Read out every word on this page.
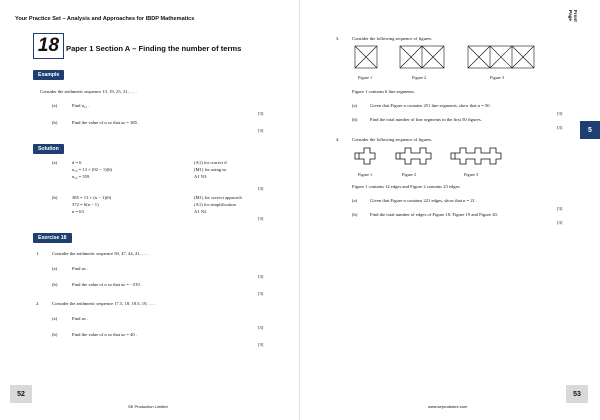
Your Practice Set – Analysis and Approaches for IBDP Mathematics
18 Paper 1 Section A – Finding the number of terms
Example
Consider the arithmetic sequence 13, 19, 25, 31, … .
(a)	Find u₁₂ .
[3]
(b)	Find the value of n so that uₙ = 385 .
[3]
Solution
(a)	d = 6
u₁₂ = 13 + (92 − 1)(6)
u₁₂ = 559
(A1) for correct d
(M1) for using uₙ
A1 N3
[3]
(b)	385 = 13 + (n − 1)(6)
372 = 6(n − 1)
n = 63
(M1) for correct approach
(A1) for simplification
A1 N2
[3]
Exercise 18
1.	Consider the arithmetic sequence 50, 47, 44, 41, … .
(a)	Find uₙ .
[3]
(b)	Find the value of n so that uₙ = −319 .
[3]
2.	Consider the arithmetic sequence 17.5, 18, 18.5, 19, … .
(a)	Find uₙ .
[3]
(b)	Find the value of n so that uₙ = 40 .
[3]
52
SE Production Limited
Front Page
5
3.	Consider the following sequence of figures.
Figure 1	Figure 2	Figure 3
Figure 1 contains 6 line segments.
(a)	Given that Figure n contains 251 line segments, show that n = 50 .
[3]
(b)	Find the total number of line segments in the first 50 figures.
[3]
4.	Consider the following sequence of figures.
Figure 1	Figure 2	Figure 3
Figure 1 contains 12 edges and Figure 2 contains 23 edges.
(a)	Given that Figure n contains 221 edges, show that n = 21 .
[3]
(b)	Find the total number of edges of Figure 18, Figure 19 and Figure 20.
[3]
53
www.seprodstore.com
